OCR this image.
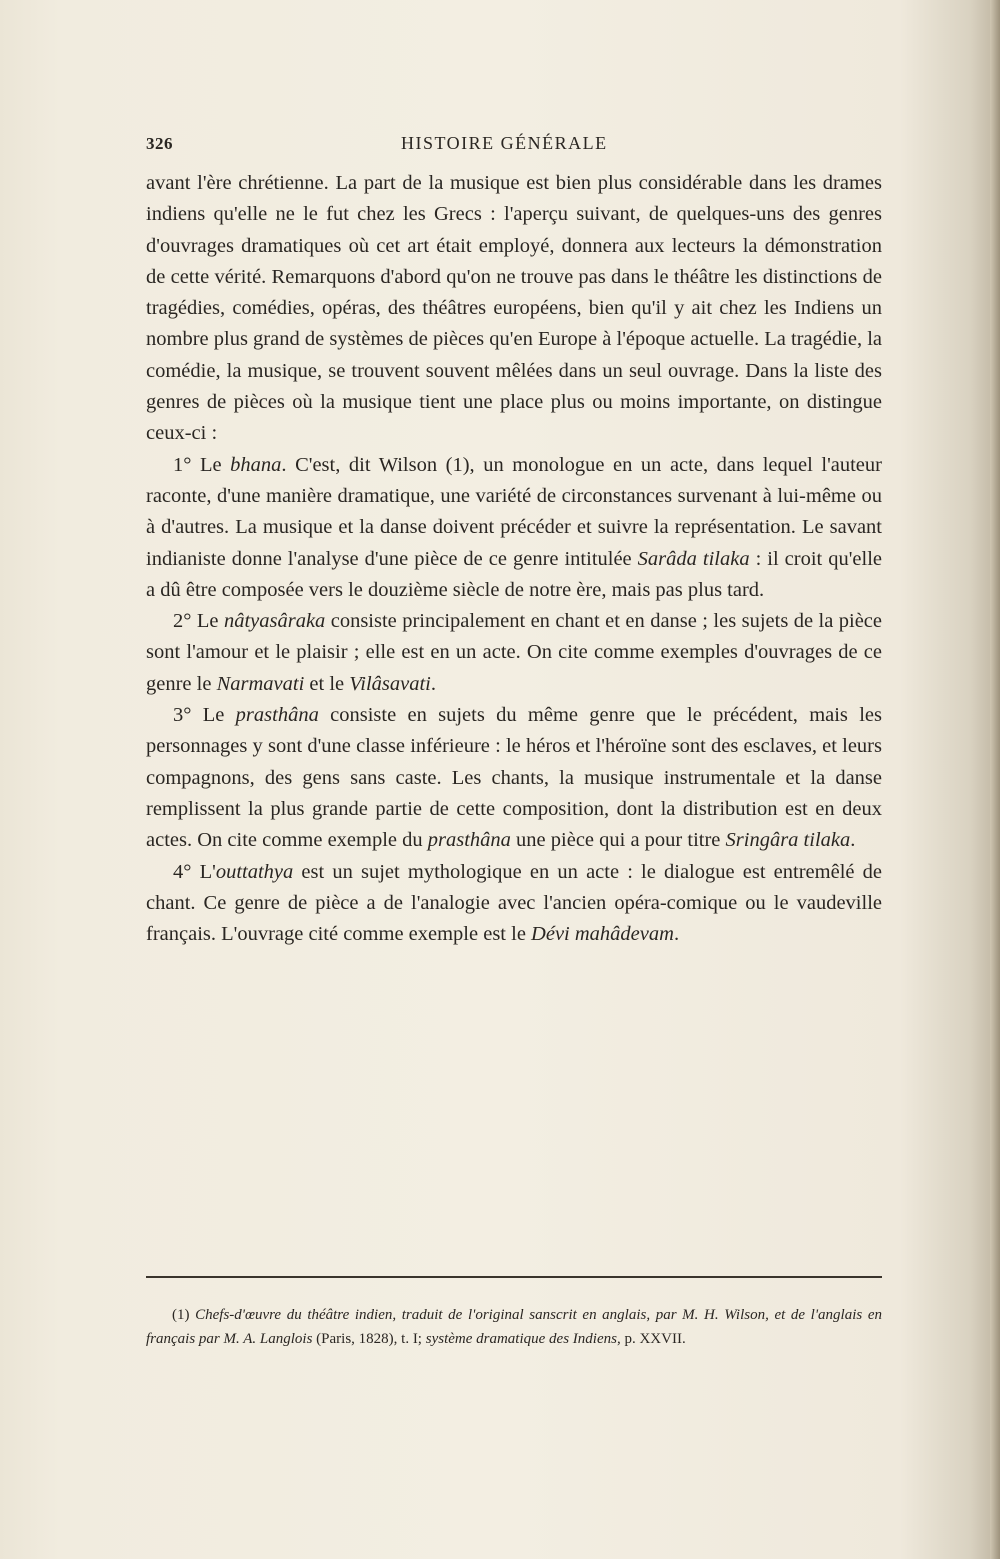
326	HISTOIRE GÉNÉRALE

avant l'ère chrétienne. La part de la musique est bien plus considérable dans les drames indiens qu'elle ne le fut chez les Grecs : l'aperçu suivant, de quelques-uns des genres d'ouvrages dramatiques où cet art était employé, donnera aux lecteurs la démonstration de cette vérité. Remarquons d'abord qu'on ne trouve pas dans le théâtre les distinctions de tragédies, comédies, opéras, des théâtres européens, bien qu'il y ait chez les Indiens un nombre plus grand de systèmes de pièces qu'en Europe à l'époque actuelle. La tragédie, la comédie, la musique, se trouvent souvent mêlées dans un seul ouvrage. Dans la liste des genres de pièces où la musique tient une place plus ou moins importante, on distingue ceux-ci :

1° Le bhana. C'est, dit Wilson (1), un monologue en un acte, dans lequel l'auteur raconte, d'une manière dramatique, une variété de circonstances survenant à lui-même ou à d'autres. La musique et la danse doivent précéder et suivre la représentation. Le savant indianiste donne l'analyse d'une pièce de ce genre intitulée Sarâda tilaka : il croit qu'elle a dû être composée vers le douzième siècle de notre ère, mais pas plus tard.

2° Le nâtyasâraka consiste principalement en chant et en danse ; les sujets de la pièce sont l'amour et le plaisir ; elle est en un acte. On cite comme exemples d'ouvrages de ce genre le Narmavati et le Vilâsavati.

3° Le prasthâna consiste en sujets du même genre que le précédent, mais les personnages y sont d'une classe inférieure : le héros et l'héroïne sont des esclaves, et leurs compagnons, des gens sans caste. Les chants, la musique instrumentale et la danse remplissent la plus grande partie de cette composition, dont la distribution est en deux actes. On cite comme exemple du prasthâna une pièce qui a pour titre Sringâra tilaka.

4° L'outtathya est un sujet mythologique en un acte : le dialogue est entremêlé de chant. Ce genre de pièce a de l'analogie avec l'ancien opéra-comique ou le vaudeville français. L'ouvrage cité comme exemple est le Dévi mahâdevam.

(1) Chefs-d'œuvre du théâtre indien, traduit de l'original sanscrit en anglais, par M. H. Wilson, et de l'anglais en français par M. A. Langlois (Paris, 1828), t. I; système dramatique des Indiens, p. XXVII.
